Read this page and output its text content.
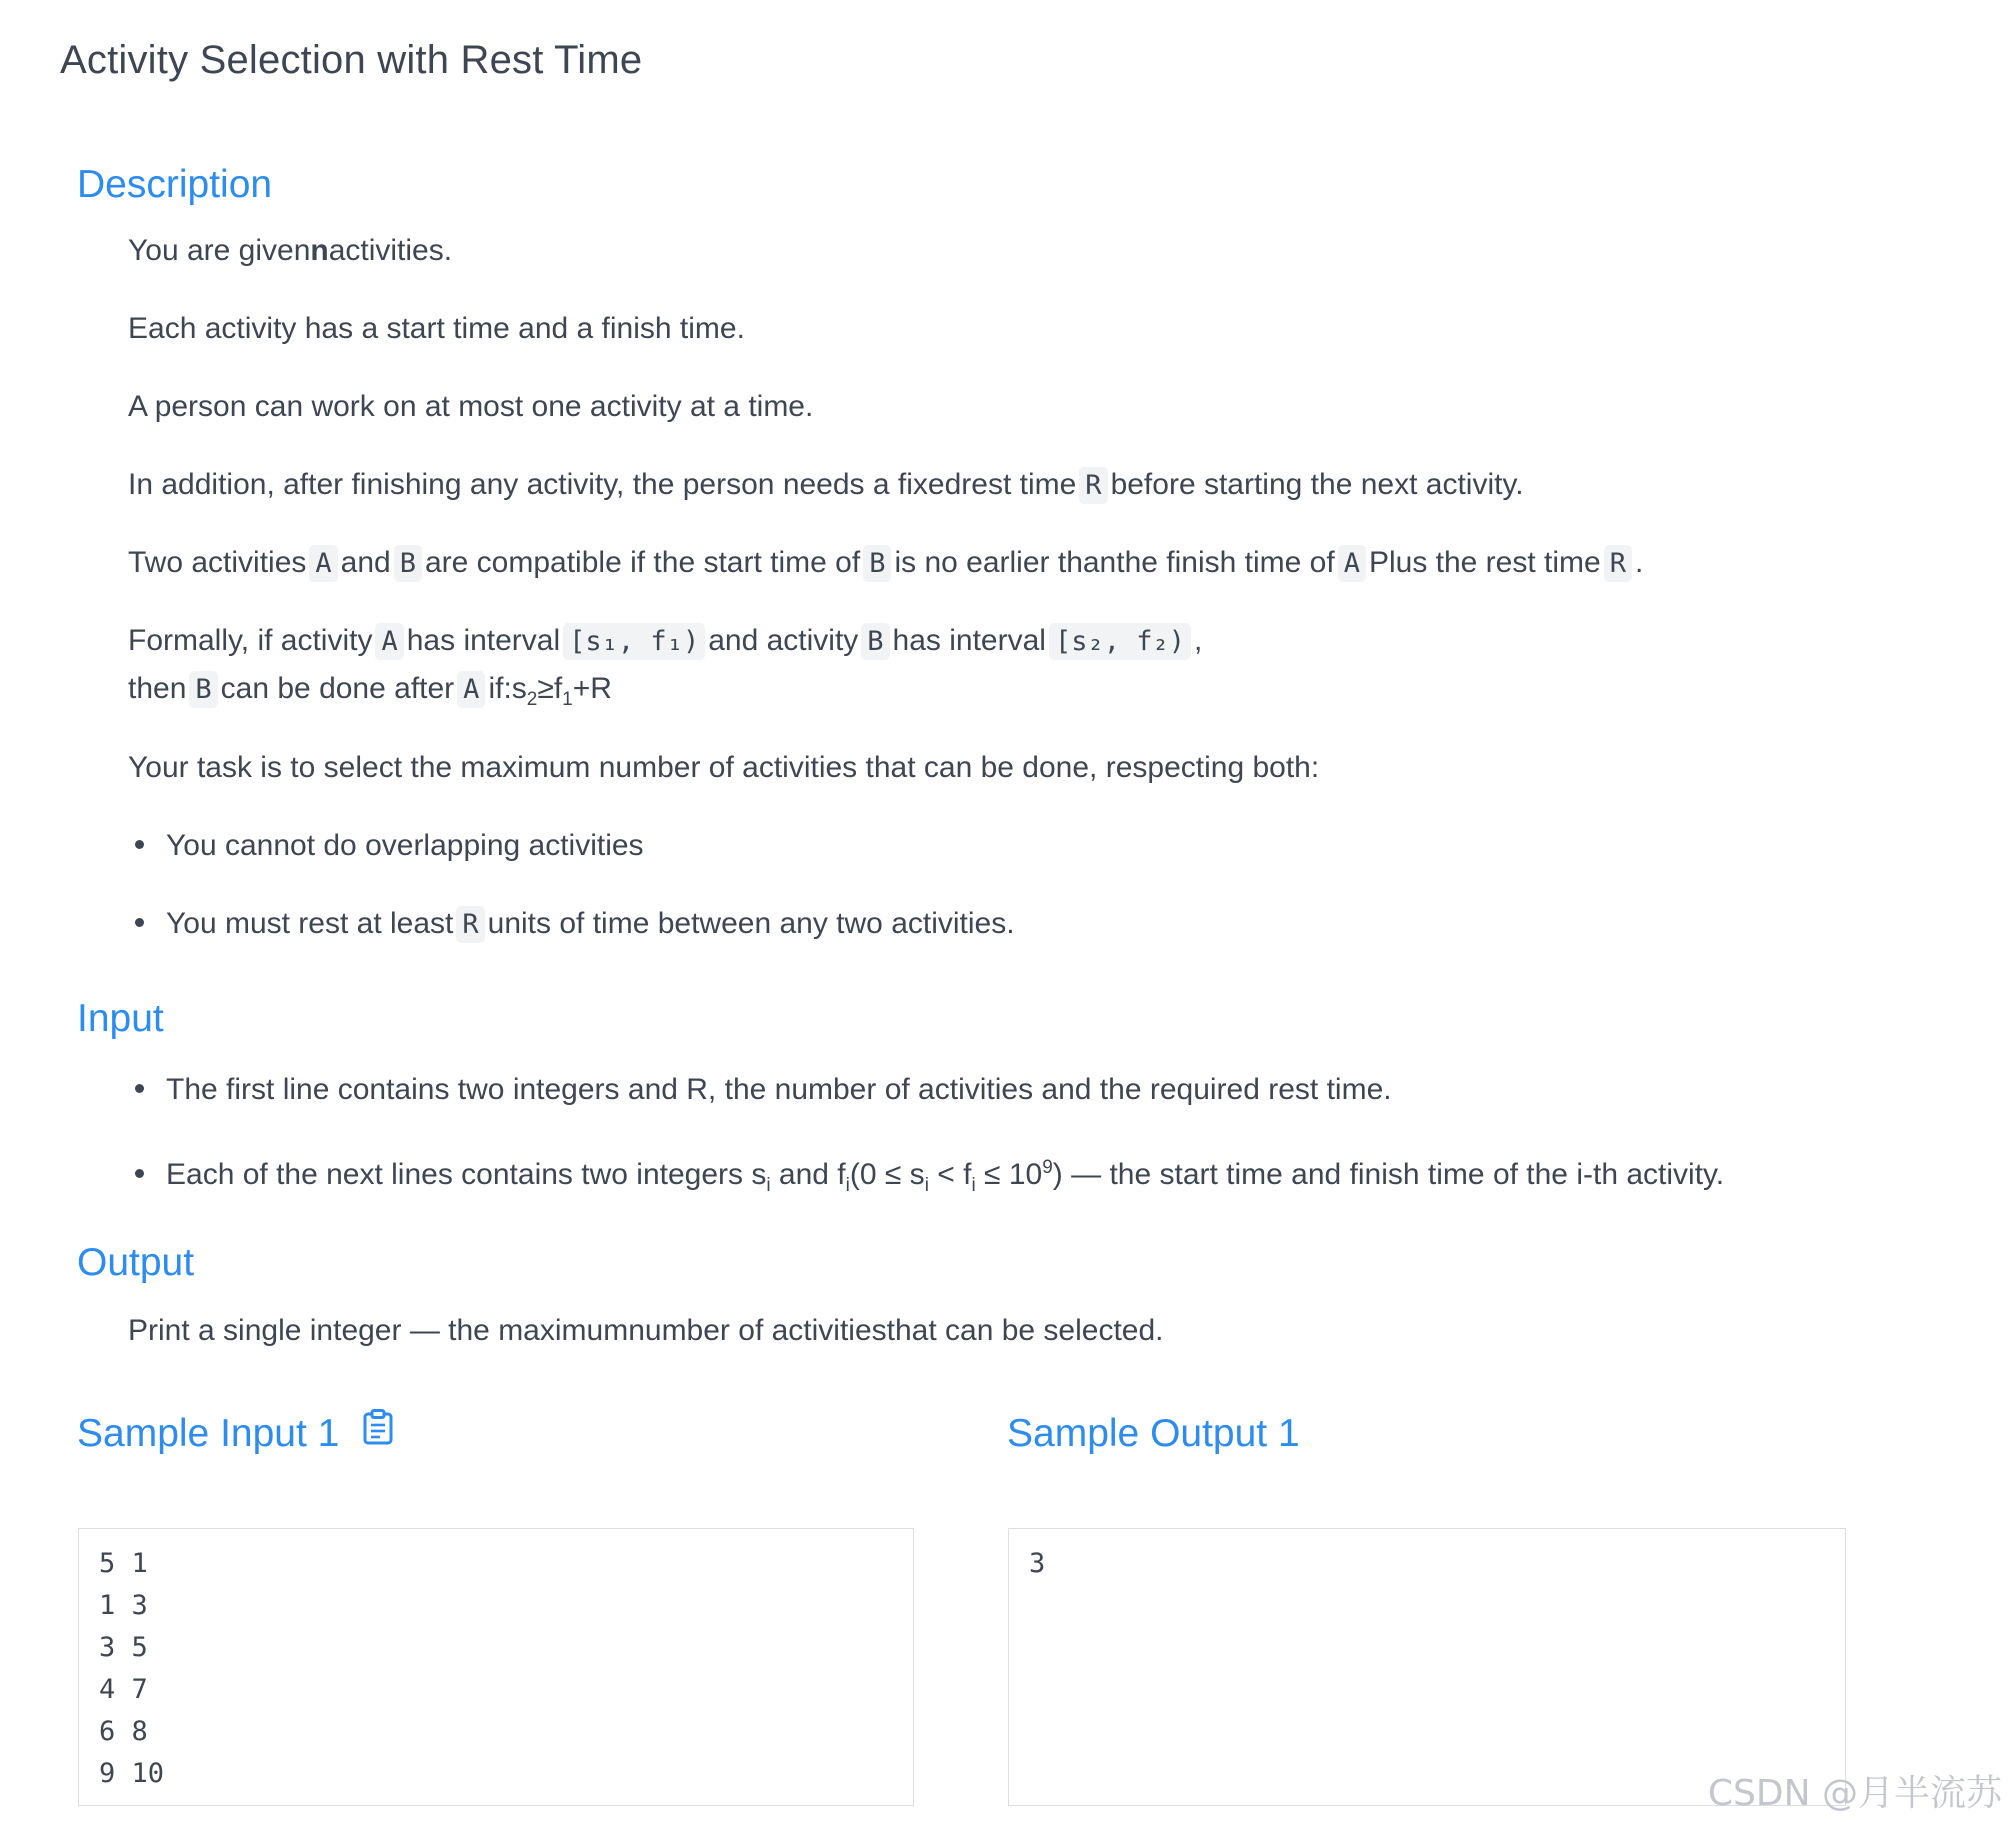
Activity Selection with Rest Time
Description
You are givennactivities.
Each activity has a start time and a finish time.
A person can work on at most one activity at a time.
In addition, after finishing any activity, the person needs a fixedrest time R before starting the next activity.
Two activities A and B are compatible if the start time of B is no earlier thanthe finish time of A Plus the rest time R .
Formally, if activity A has interval [s₁, f₁) and activity B has interval [s₂, f₂) ,
then B can be done after A $if:s_2\ge f_1+R$
Your task is to select the maximum number of activities that can be done, respecting both:
You cannot do overlapping activities
You must rest at least R units of time between any two activities.
Input
The first line contains two integers and R, the number of activities and the required rest time.
Each of the next lines contains two integers $s_i$ and $f_i(0 \le s_i < f_i \le 10^9)$ — the start time and finish time of the i-th activity.
Output
Print a single integer — the maximumnumber of activitiesthat can be selected.
Sample Input 1	Sample Output 1
5 1
1 3
3 5
4 7
6 8
9 10
3
CSDN @月半流苏
